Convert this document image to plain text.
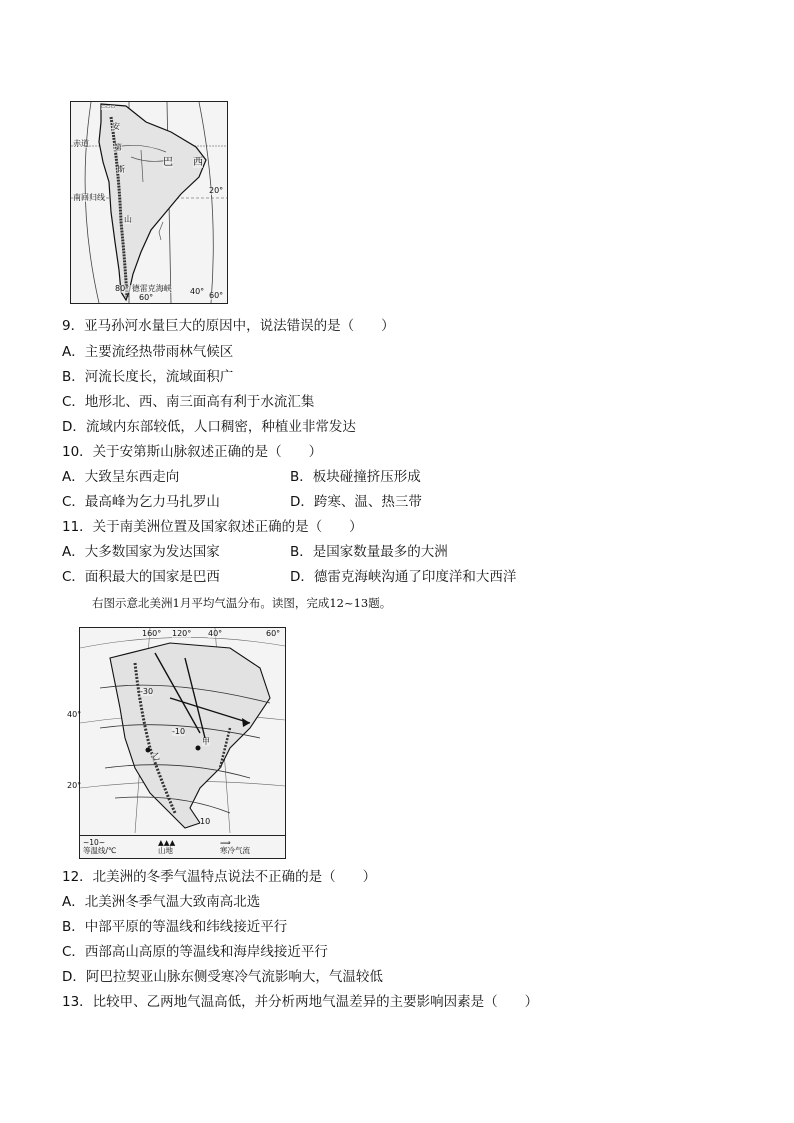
▭▭▭
安
赤道	第
斯
巴 西
南回归线
20°
山
80° 德雷克海峡 40°
60°	60°
9．亚马孙河水量巨大的原因中，说法错误的是（　　）
A．主要流经热带雨林气候区
B．河流长度长，流域面积广
C．地形北、西、南三面高有利于水流汇集
D．流域内东部较低，人口稠密，种植业非常发达
10．关于安第斯山脉叙述正确的是（　　）
A．大致呈东西走向	B．板块碰撞挤压形成
C．最高峰为乞力马扎罗山	D．跨寒、温、热三带
11．关于南美洲位置及国家叙述正确的是（　　）
A．大多数国家为发达国家	B．是国家数量最多的大洲
C．面积最大的国家是巴西	D．德雷克海峡沟通了印度洋和大西洋
右图示意北美洲1月平均气温分布。读图，完成12~13题。
160° 120° 40°	60°
-30
-10
甲
乙
10
~10~
等温线/℃
▲▲▲
山地
⟹
寒冷气流
40°
20°
12．北美洲的冬季气温特点说法不正确的是（　　）
A．北美洲冬季气温大致南高北选
B．中部平原的等温线和纬线接近平行
C．西部高山高原的等温线和海岸线接近平行
D．阿巴拉契亚山脉东侧受寒冷气流影响大，气温较低
13．比较甲、乙两地气温高低，并分析两地气温差异的主要影响因素是（　　）
